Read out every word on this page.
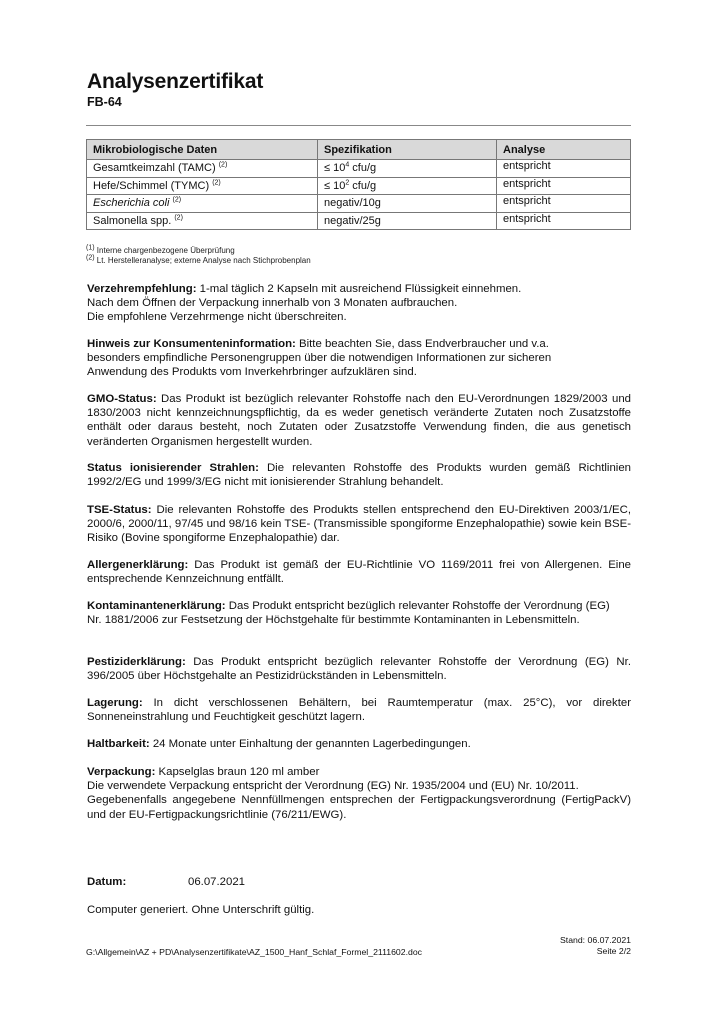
Analysenzertifikat
FB-64
Mikrobiologische Daten	Spezifikation	Analyse
Gesamtkeimzahl (TAMC) $^{(2)}$	≤ $10^4$ cfu/g	entspricht
Hefe/Schimmel (TYMC) $^{(2)}$	≤ $10^2$ cfu/g	entspricht
Escherichia coli $^{(2)}$	negativ/10g	entspricht
Salmonella spp. $^{(2)}$	negativ/25g	entspricht
$^{(1)}$ Interne chargenbezogene Überprüfung
$^{(2)}$ Lt. Herstelleranalyse; externe Analyse nach Stichprobenplan

Verzehrempfehlung: 1-mal täglich 2 Kapseln mit ausreichend Flüssigkeit einnehmen.
Nach dem Öffnen der Verpackung innerhalb von 3 Monaten aufbrauchen.
Die empfohlene Verzehrmenge nicht überschreiten.

Hinweis zur Konsumenteninformation: Bitte beachten Sie, dass Endverbraucher und v.a. besonders empfindliche Personengruppen über die notwendigen Informationen zur sicheren Anwendung des Produkts vom Inverkehrbringer aufzuklären sind.

GMO-Status: Das Produkt ist bezüglich relevanter Rohstoffe nach den EU-Verordnungen 1829/2003 und 1830/2003 nicht kennzeichnungspflichtig, da es weder genetisch veränderte Zutaten noch Zusatzstoffe enthält oder daraus besteht, noch Zutaten oder Zusatzstoffe Verwendung finden, die aus genetisch veränderten Organismen hergestellt wurden.

Status ionisierender Strahlen: Die relevanten Rohstoffe des Produkts wurden gemäß Richtlinien 1992/2/EG und 1999/3/EG nicht mit ionisierender Strahlung behandelt.

TSE-Status: Die relevanten Rohstoffe des Produkts stellen entsprechend den EU-Direktiven 2003/1/EC, 2000/6, 2000/11, 97/45 und 98/16 kein TSE- (Transmissible spongiforme Enzephalopathie) sowie kein BSE-Risiko (Bovine spongiforme Enzephalopathie) dar.

Allergenerklärung: Das Produkt ist gemäß der EU-Richtlinie VO 1169/2011 frei von Allergenen. Eine entsprechende Kennzeichnung entfällt.

Kontaminantenerklärung: Das Produkt entspricht bezüglich relevanter Rohstoffe der Verordnung (EG) Nr. 1881/2006 zur Festsetzung der Höchstgehalte für bestimmte Kontaminanten in Lebensmitteln.

Pestiziderklärung: Das Produkt entspricht bezüglich relevanter Rohstoffe der Verordnung (EG) Nr. 396/2005 über Höchstgehalte an Pestizidrückständen in Lebensmitteln.

Lagerung: In dicht verschlossenen Behältern, bei Raumtemperatur (max. 25°C), vor direkter Sonneneinstrahlung und Feuchtigkeit geschützt lagern.

Haltbarkeit: 24 Monate unter Einhaltung der genannten Lagerbedingungen.

Verpackung: Kapselglas braun 120 ml amber
Die verwendete Verpackung entspricht der Verordnung (EG) Nr. 1935/2004 und (EU) Nr. 10/2011.

Gegebenenfalls angegebene Nennfüllmengen entsprechen der Fertigpackungsverordnung (FertigPackV) und der EU-Fertigpackungsrichtlinie (76/211/EWG).

Datum:	06.07.2021
Computer generiert. Ohne Unterschrift gültig.
Stand: 06.07.2021
Seite 2/2
G:\Allgemein\AZ + PD\Analysenzertifikate\AZ_1500_Hanf_Schlaf_Formel_2111602.doc
